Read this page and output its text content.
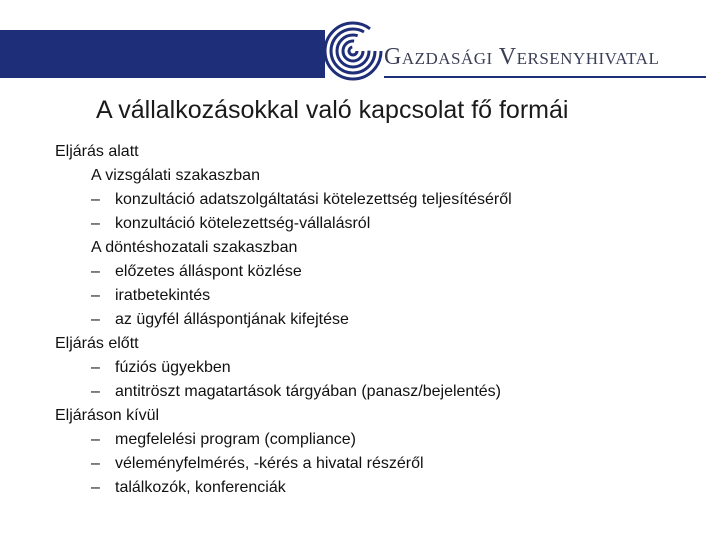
Gazdasági Versenyhivatal
A vállalkozásokkal való kapcsolat fő formái
Eljárás alatt
A vizsgálati szakaszban
– konzultáció adatszolgáltatási kötelezettség teljesítéséről
– konzultáció kötelezettség-vállalásról
A döntéshozatali szakaszban
– előzetes álláspont közlése
– iratbetekintés
– az ügyfél álláspontjának kifejtése
Eljárás előtt
– fúziós ügyekben
– antitröszt magatartások tárgyában (panasz/bejelentés)
Eljáráson kívül
– megfelelési program (compliance)
– véleményfelmérés, -kérés a hivatal részéről
– találkozók, konferenciák
